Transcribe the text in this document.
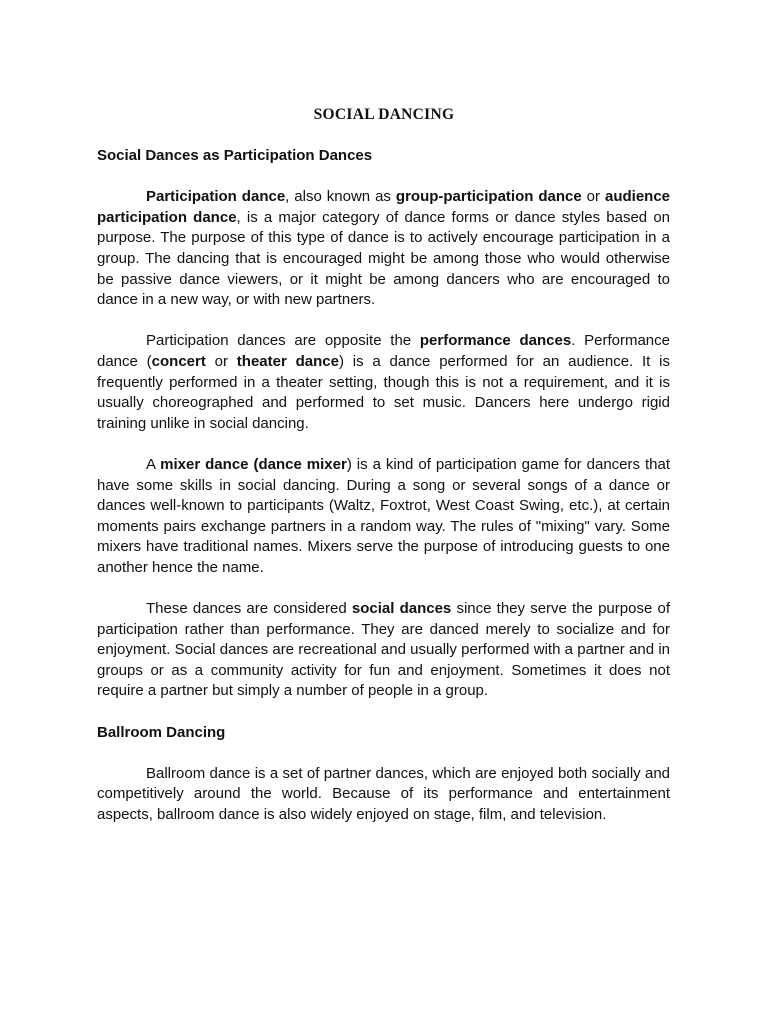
SOCIAL DANCING
Social Dances as Participation Dances

Participation dance, also known as group-participation dance or audience participation dance, is a major category of dance forms or dance styles based on purpose. The purpose of this type of dance is to actively encourage participation in a group. The dancing that is encouraged might be among those who would otherwise be passive dance viewers, or it might be among dancers who are encouraged to dance in a new way, or with new partners.

Participation dances are opposite the performance dances. Performance dance (concert or theater dance) is a dance performed for an audience. It is frequently performed in a theater setting, though this is not a requirement, and it is usually choreographed and performed to set music. Dancers here undergo rigid training unlike in social dancing.

A mixer dance (dance mixer) is a kind of participation game for dancers that have some skills in social dancing. During a song or several songs of a dance or dances well-known to participants (Waltz, Foxtrot, West Coast Swing, etc.), at certain moments pairs exchange partners in a random way. The rules of "mixing" vary. Some mixers have traditional names. Mixers serve the purpose of introducing guests to one another hence the name.

These dances are considered social dances since they serve the purpose of participation rather than performance. They are danced merely to socialize and for enjoyment. Social dances are recreational and usually performed with a partner and in groups or as a community activity for fun and enjoyment. Sometimes it does not require a partner but simply a number of people in a group.

Ballroom Dancing

Ballroom dance is a set of partner dances, which are enjoyed both socially and competitively around the world. Because of its performance and entertainment aspects, ballroom dance is also widely enjoyed on stage, film, and television.
